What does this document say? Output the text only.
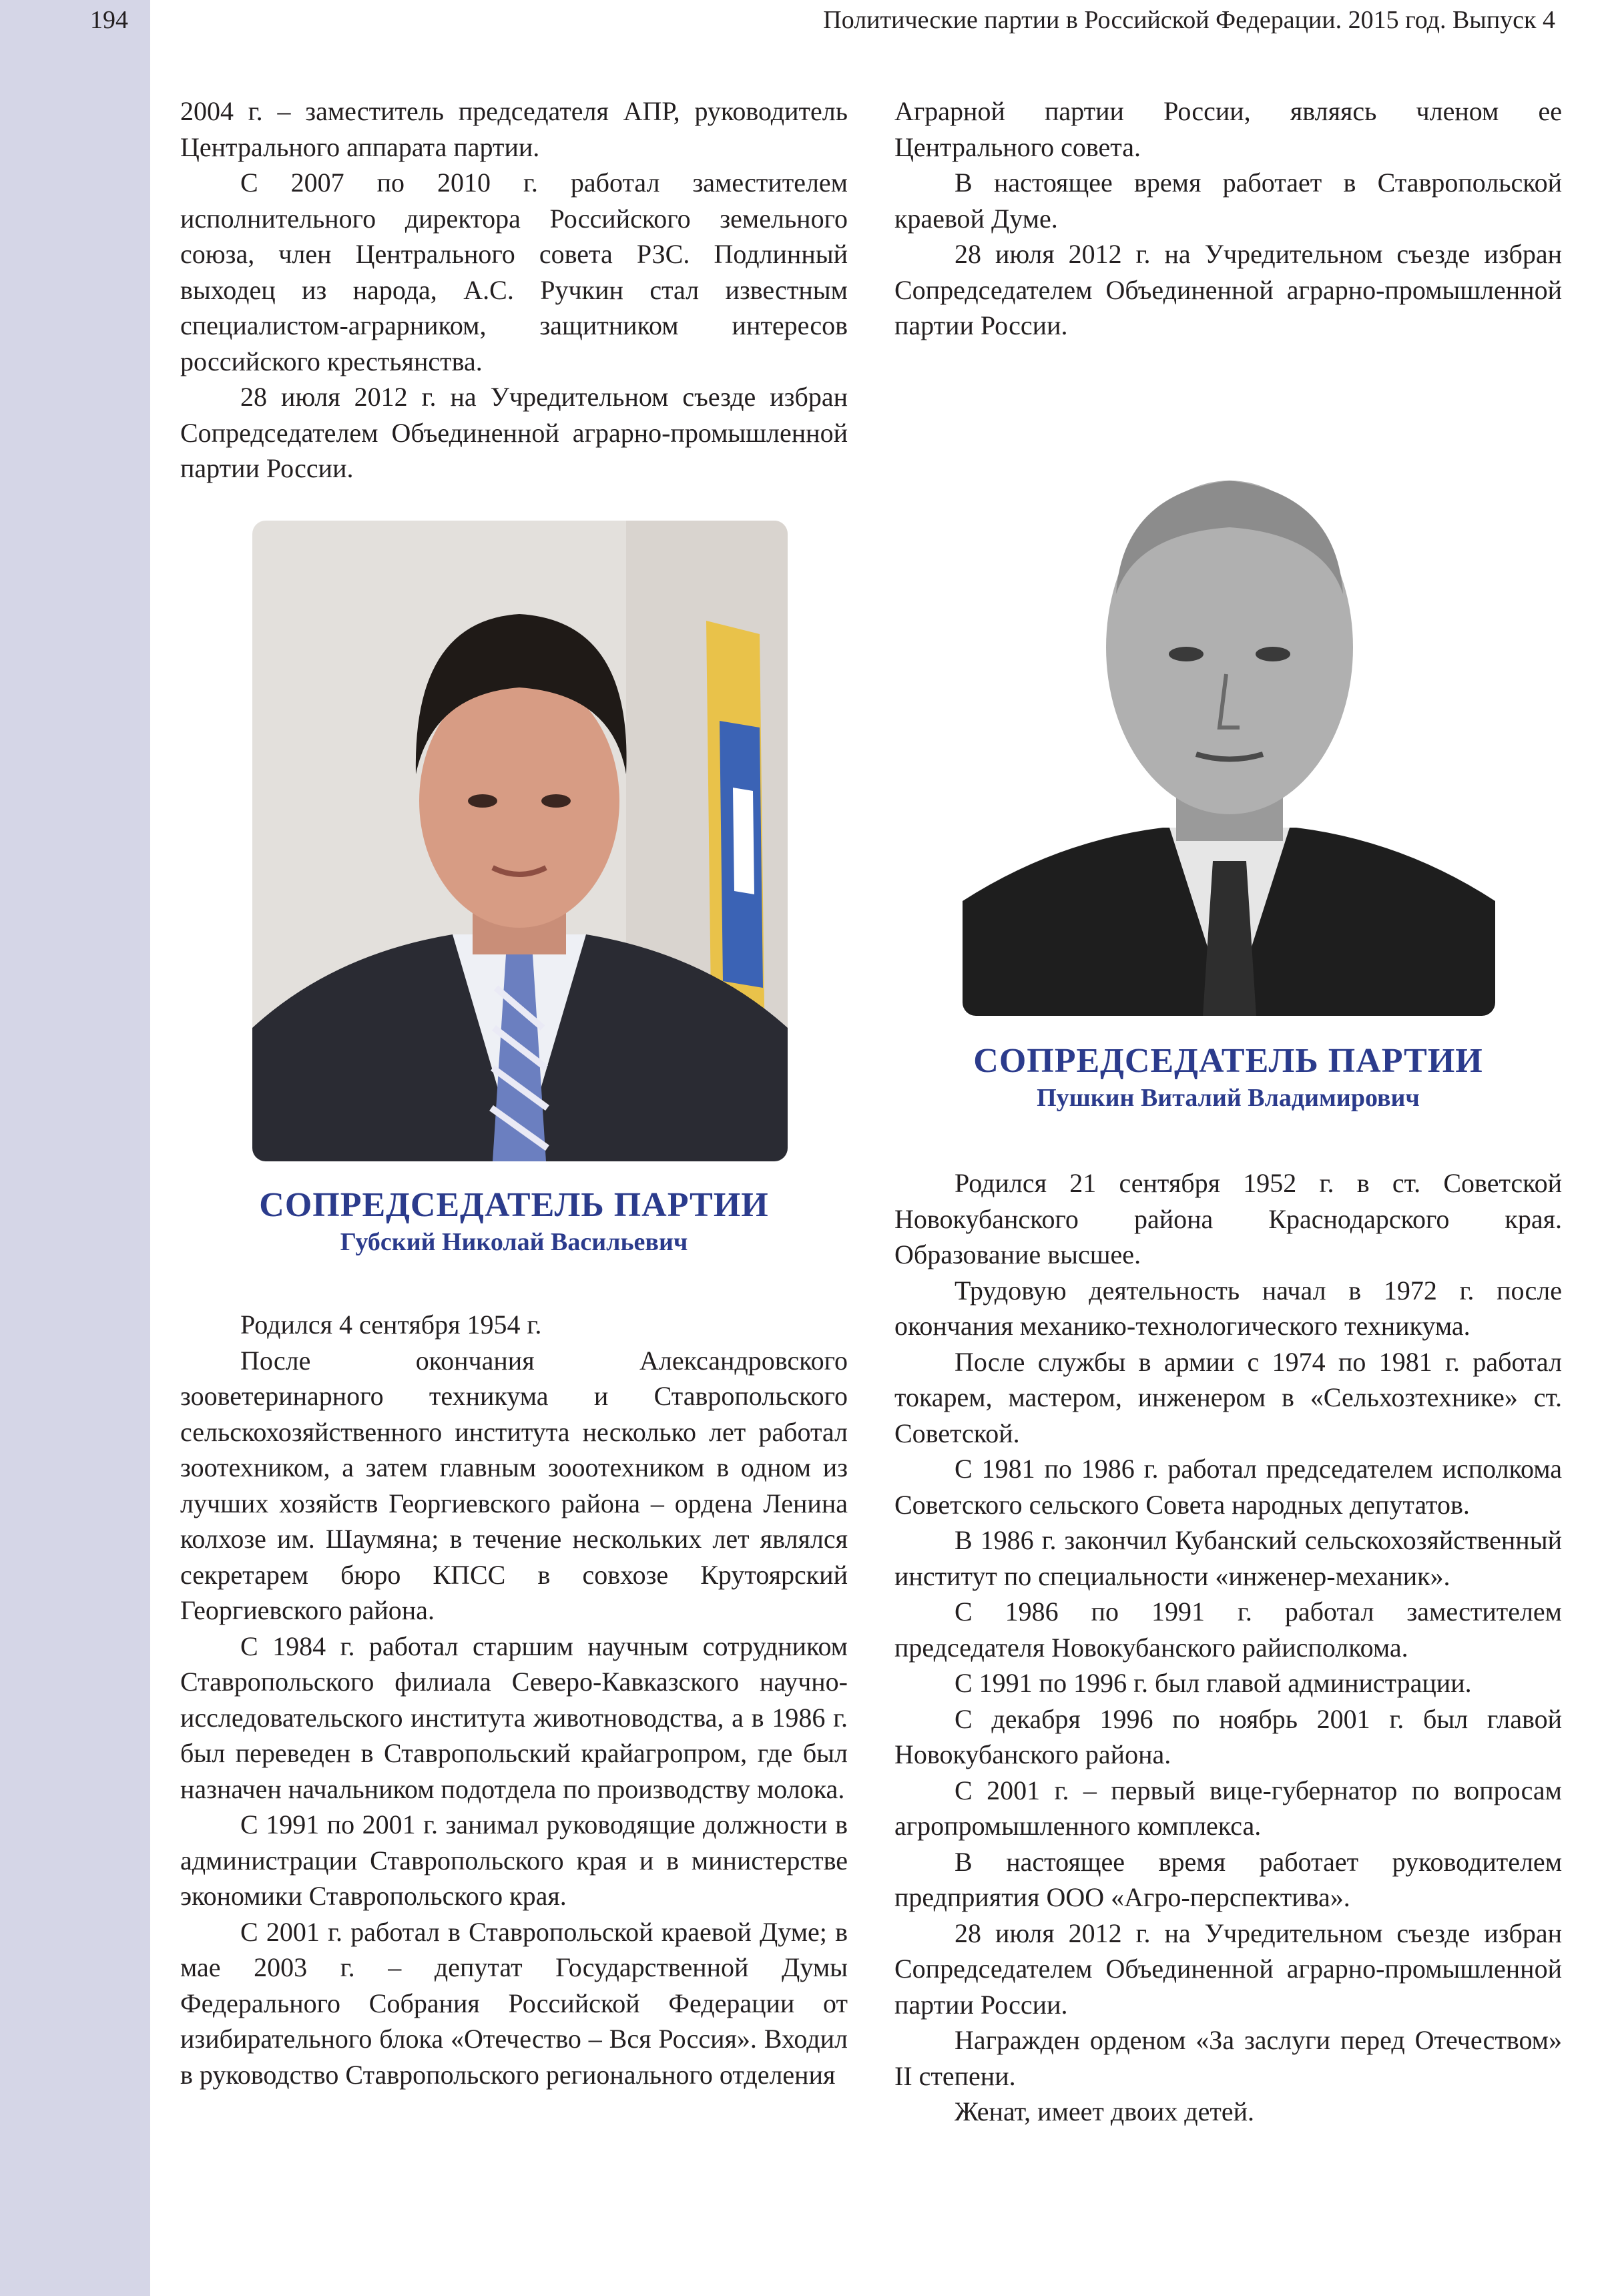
194	Политические партии в Российской Федерации. 2015 год. Выпуск 4

2004 г. – заместитель председателя АПР, руководитель Центрального аппарата партии.

С 2007 по 2010 г. работал заместителем исполнительного директора Российского земельного союза, член Центрального совета РЗС. Подлинный выходец из народа, А.С. Ручкин стал известным специалистом-аграрником, защитником интересов российского крестьянства.

28 июля 2012 г. на Учредительном съезде избран Сопредседателем Объединенной аграрно-промышленной партии России.

Аграрной партии России, являясь членом ее Центрального совета.

В настоящее время работает в Ставропольской краевой Думе.

28 июля 2012 г. на Учредительном съезде избран Сопредседателем Объединенной аграрно-промышленной партии России.

СОПРЕДСЕДАТЕЛЬ ПАРТИИ
Пушкин Виталий Владимирович
СОПРЕДСЕДАТЕЛЬ ПАРТИИ
Губский Николай Васильевич

Родился 21 сентября 1952 г. в ст. Советской Новокубанского района Краснодарского края. Образование высшее.

Трудовую деятельность начал в 1972 г. после окончания механико-технологического техникума.

После службы в армии с 1974 по 1981 г. работал токарем, мастером, инженером в «Сельхозтехнике» ст. Советской.

С 1981 по 1986 г. работал председателем исполкома Советского сельского Совета народных депутатов.

В 1986 г. закончил Кубанский сельскохозяйственный институт по специальности «инженер-механик».

С 1986 по 1991 г. работал заместителем председателя Новокубанского райисполкома.

С 1991 по 1996 г. был главой администрации.

С декабря 1996 по ноябрь 2001 г. был главой Новокубанского района.

С 2001 г. – первый вице-губернатор по вопросам агропромышленного комплекса.

В настоящее время работает руководителем предприятия ООО «Агро-перспектива».

28 июля 2012 г. на Учредительном съезде избран Сопредседателем Объединенной аграрно-промышленной партии России.

Награжден орденом «За заслуги перед Отечеством» II степени.

Женат, имеет двоих детей.

Родился 4 сентября 1954 г.

После окончания Александровского зооветеринарного техникума и Ставропольского сельскохозяйственного института несколько лет работал зоотехником, а затем главным зооотехником в одном из лучших хозяйств Георгиевского района – ордена Ленина колхозе им. Шаумяна; в течение нескольких лет являлся секретарем бюро КПСС в совхозе Крутоярский Георгиевского района.

С 1984 г. работал старшим научным сотрудником Ставропольского филиала Северо-Кавказского научно-исследовательского института животноводства, а в 1986 г. был переведен в Ставропольский крайагропром, где был назначен начальником подотдела по производству молока.

С 1991 по 2001 г. занимал руководящие должности в администрации Ставропольского края и в министерстве экономики Ставропольского края.

С 2001 г. работал в Ставропольской краевой Думе; в мае 2003 г. – депутат Государственной Думы Федерального Собрания Российской Федерации от изибирательного блока «Отечество – Вся Россия». Входил в руководство Ставропольского регионального отделения
